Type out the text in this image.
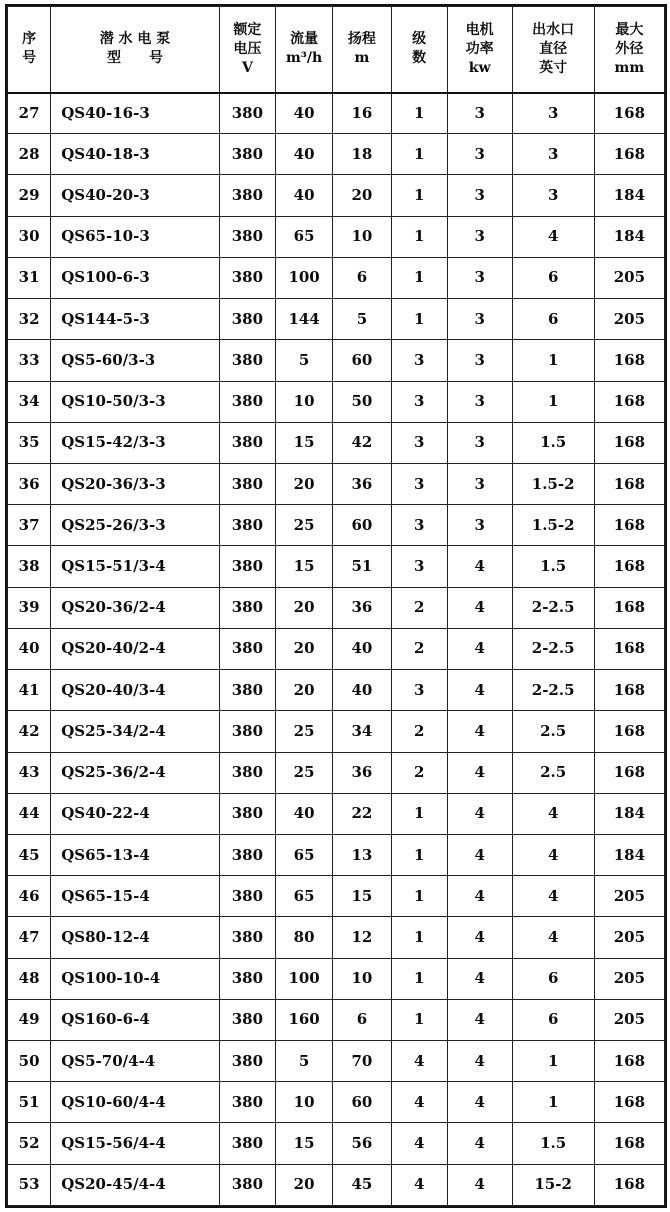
序
号	潜 水 电 泵
型　　号	额定
电压
V	流量
m³/h	扬程
m	级
数	电机
功率
kw	出水口
直径
英寸	最大
外径
mm

27	QS40-16-3	380	40	16	1	3	3	168
28	QS40-18-3	380	40	18	1	3	3	168
29	QS40-20-3	380	40	20	1	3	3	184
30	QS65-10-3	380	65	10	1	3	4	184
31	QS100-6-3	380	100	6	1	3	6	205
32	QS144-5-3	380	144	5	1	3	6	205
33	QS5-60/3-3	380	5	60	3	3	1	168
34	QS10-50/3-3	380	10	50	3	3	1	168
35	QS15-42/3-3	380	15	42	3	3	1.5	168
36	QS20-36/3-3	380	20	36	3	3	1.5-2	168
37	QS25-26/3-3	380	25	60	3	3	1.5-2	168
38	QS15-51/3-4	380	15	51	3	4	1.5	168
39	QS20-36/2-4	380	20	36	2	4	2-2.5	168
40	QS20-40/2-4	380	20	40	2	4	2-2.5	168
41	QS20-40/3-4	380	20	40	3	4	2-2.5	168
42	QS25-34/2-4	380	25	34	2	4	2.5	168
43	QS25-36/2-4	380	25	36	2	4	2.5	168
44	QS40-22-4	380	40	22	1	4	4	184
45	QS65-13-4	380	65	13	1	4	4	184
46	QS65-15-4	380	65	15	1	4	4	205
47	QS80-12-4	380	80	12	1	4	4	205
48	QS100-10-4	380	100	10	1	4	6	205
49	QS160-6-4	380	160	6	1	4	6	205
50	QS5-70/4-4	380	5	70	4	4	1	168
51	QS10-60/4-4	380	10	60	4	4	1	168
52	QS15-56/4-4	380	15	56	4	4	1.5	168
53	QS20-45/4-4	380	20	45	4	4	15-2	168
